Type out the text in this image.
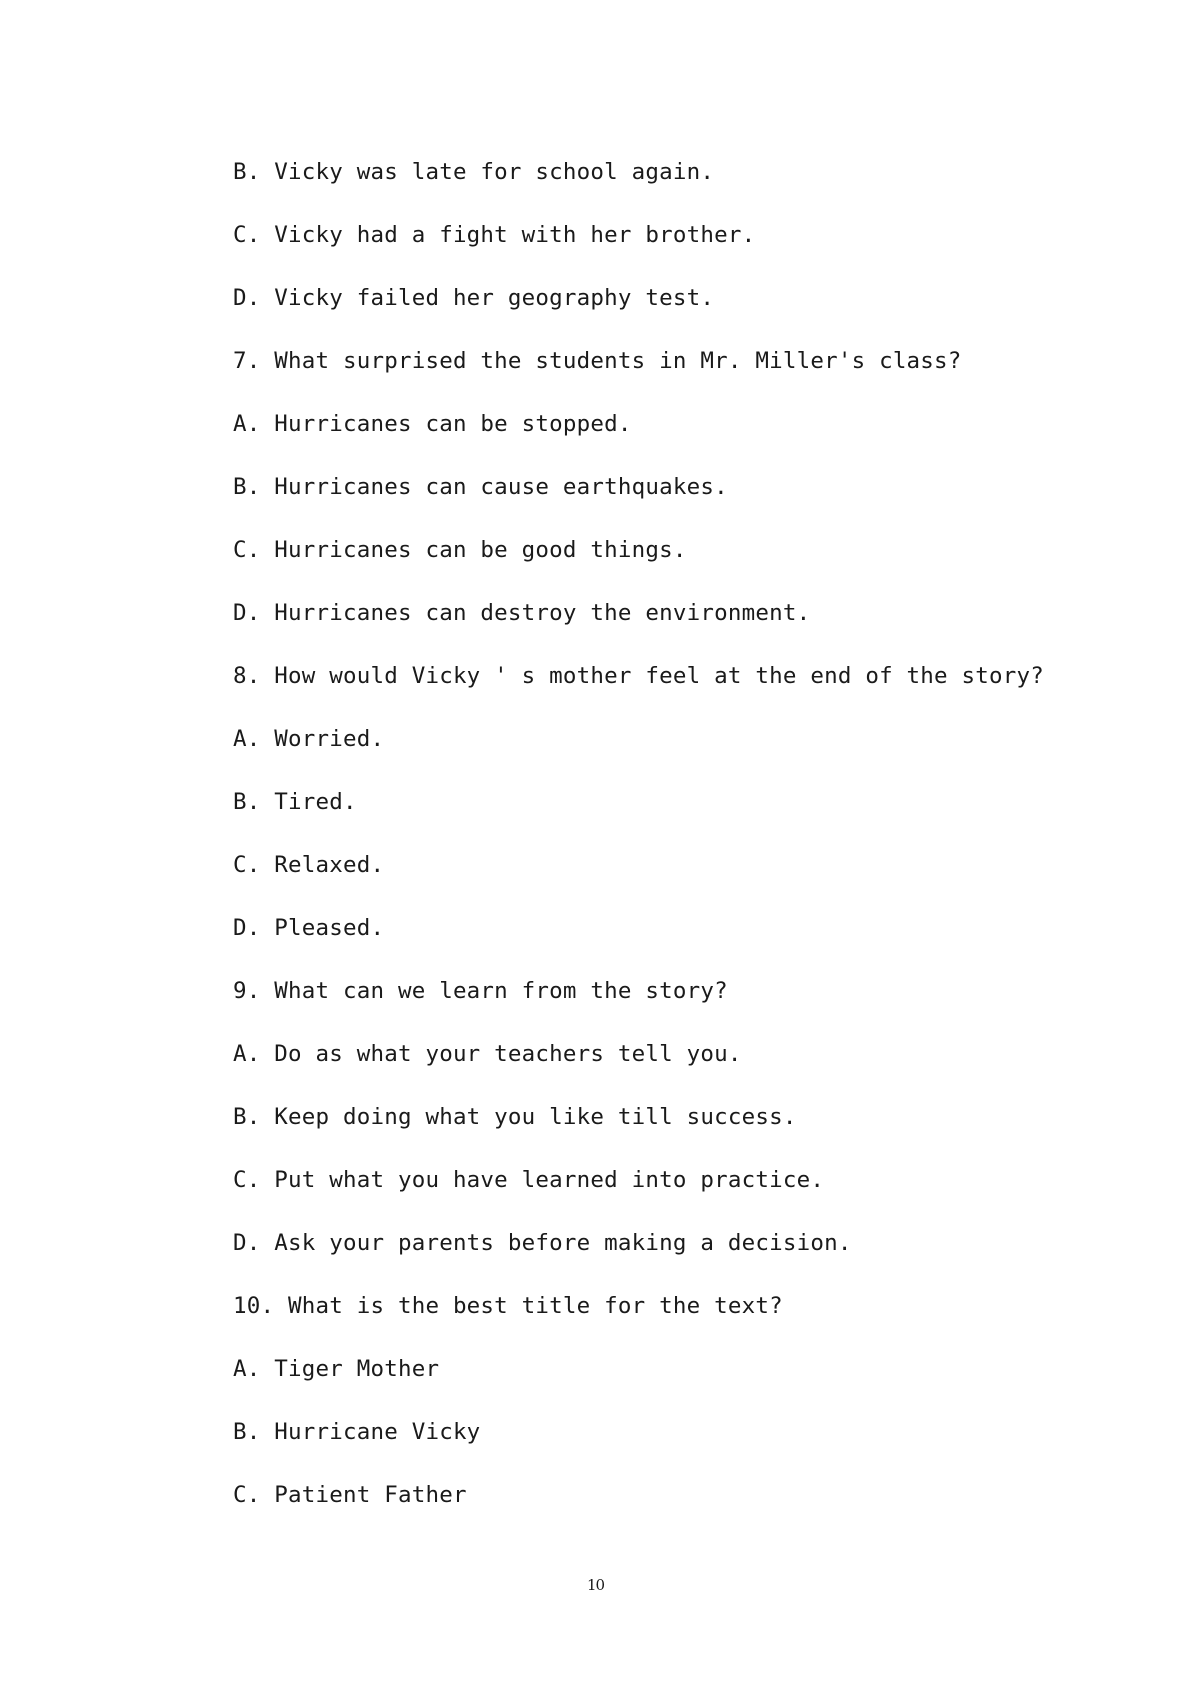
B. Vicky was late for school again.
C. Vicky had a fight with her brother.
D. Vicky failed her geography test.
7. What surprised the students in Mr. Miller's class?
A. Hurricanes can be stopped.
B. Hurricanes can cause earthquakes.
C. Hurricanes can be good things.
D. Hurricanes can destroy the environment.
8. How would Vicky ' s mother feel at the end of the story?
A. Worried.
B. Tired.
C. Relaxed.
D. Pleased.
9. What can we learn from the story?
A. Do as what your teachers tell you.
B. Keep doing what you like till success.
C. Put what you have learned into practice.
D. Ask your parents before making a decision.
10. What is the best title for the text?
A. Tiger Mother
B. Hurricane Vicky
C. Patient Father
10
